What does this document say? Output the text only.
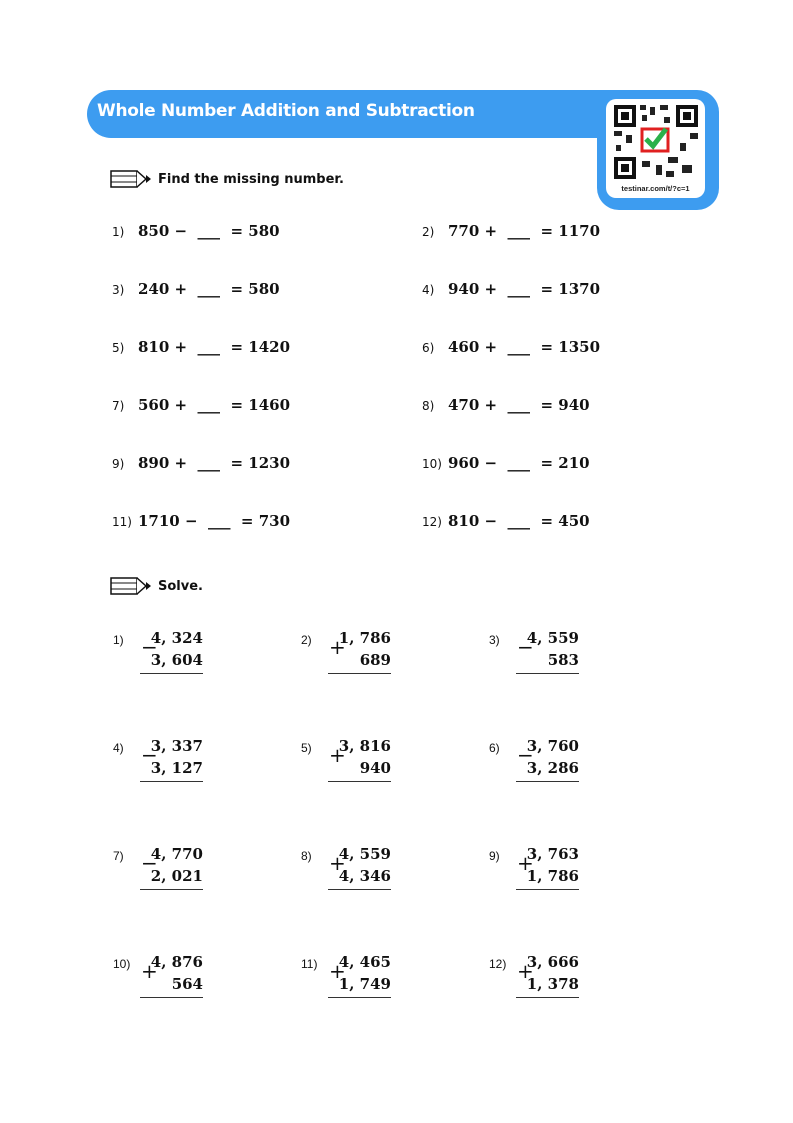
Whole Number Addition and Subtraction
testinar.com/t/?c=1
Find the missing number.
1) 850 −  ___  = 580	2) 770 +  ___  = 1170
3) 240 +  ___  = 580	4) 940 +  ___  = 1370
5) 810 +  ___  = 1420	6) 460 +  ___  = 1350
7) 560 +  ___  = 1460	8) 470 +  ___  = 940
9) 890 +  ___  = 1230	10) 960 −  ___  = 210
11) 1710 −  ___  = 730	12) 810 −  ___  = 450
Solve.
1) −
4, 324
3, 604
2) +
1, 786
689
3) −
4, 559
583
4) −
3, 337
3, 127
5) +
3, 816
940
6) −
3, 760
3, 286
7) −
4, 770
2, 021
8) +
4, 559
4, 346
9) +
3, 763
1, 786
10) +
4, 876
564
11) +
4, 465
1, 749
12) +
3, 666
1, 378
